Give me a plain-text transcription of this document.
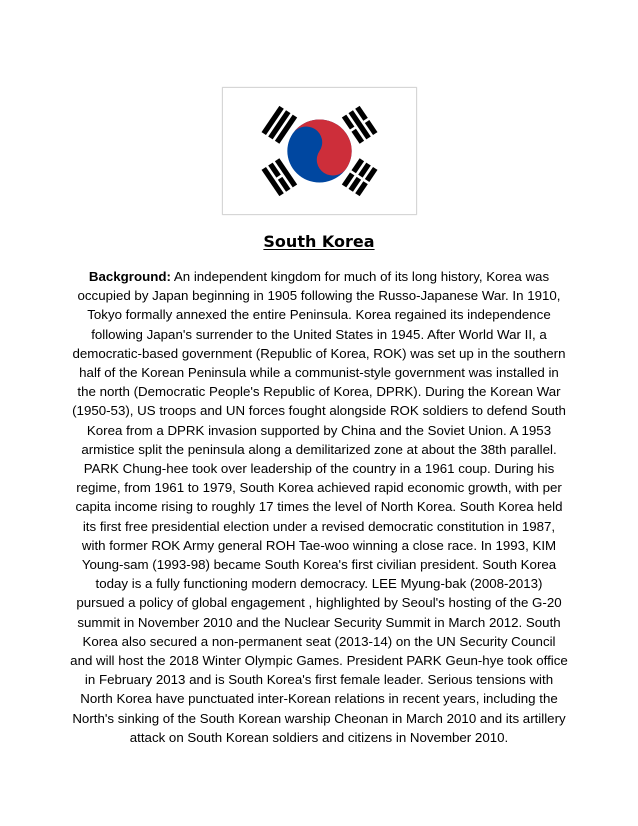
South Korea

Background: An independent kingdom for much of its long history, Korea was occupied by Japan beginning in 1905 following the Russo-Japanese War. In 1910, Tokyo formally annexed the entire Peninsula. Korea regained its independence following Japan's surrender to the United States in 1945. After World War II, a democratic-based government (Republic of Korea, ROK) was set up in the southern half of the Korean Peninsula while a communist-style government was installed in the north (Democratic People's Republic of Korea, DPRK). During the Korean War (1950-53), US troops and UN forces fought alongside ROK soldiers to defend South Korea from a DPRK invasion supported by China and the Soviet Union. A 1953 armistice split the peninsula along a demilitarized zone at about the 38th parallel. PARK Chung-hee took over leadership of the country in a 1961 coup. During his regime, from 1961 to 1979, South Korea achieved rapid economic growth, with per capita income rising to roughly 17 times the level of North Korea. South Korea held its first free presidential election under a revised democratic constitution in 1987, with former ROK Army general ROH Tae-woo winning a close race. In 1993, KIM Young-sam (1993-98) became South Korea's first civilian president. South Korea today is a fully functioning modern democracy. LEE Myung-bak (2008-2013) pursued a policy of global engagement , highlighted by Seoul's hosting of the G-20 summit in November 2010 and the Nuclear Security Summit in March 2012. South Korea also secured a non-permanent seat (2013-14) on the UN Security Council and will host the 2018 Winter Olympic Games. President PARK Geun-hye took office in February 2013 and is South Korea's first female leader. Serious tensions with North Korea have punctuated inter-Korean relations in recent years, including the North's sinking of the South Korean warship Cheonan in March 2010 and its artillery attack on South Korean soldiers and citizens in November 2010.
